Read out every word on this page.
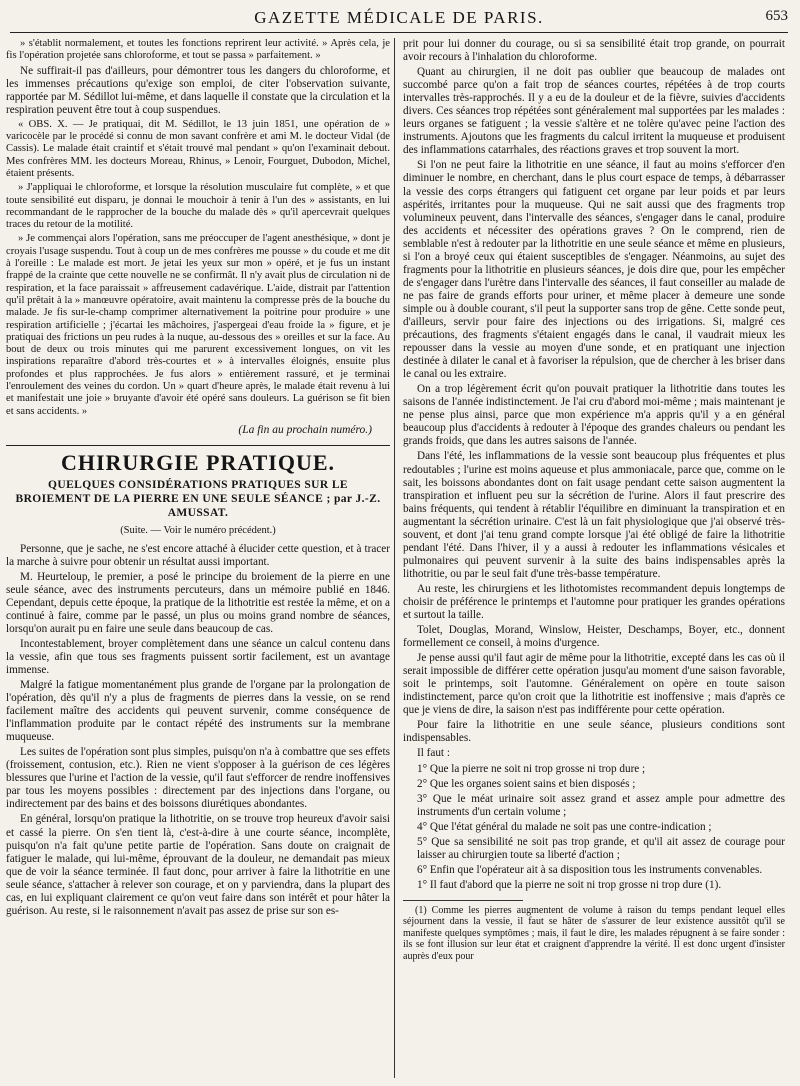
GAZETTE MÉDICALE DE PARIS.	653

» s'établit normalement, et toutes les fonctions reprirent leur activité. » Après cela, je fis l'opération projetée sans chloroforme, et tout se passa » parfaitement. »

Ne suffirait-il pas d'ailleurs, pour démontrer tous les dangers du chloroforme, et les immenses précautions qu'exige son emploi, de citer l'observation suivante, rapportée par M. Sédillot lui-même, et dans laquelle il constate que la circulation et la respiration peuvent être tout à coup suspendues.

« OBS. X. — Je pratiquai, dit M. Sédillot, le 13 juin 1851, une opération de » varicocèle par le procédé si connu de mon savant confrère et ami M. le docteur Vidal (de Cassis). Le malade était craintif et s'était trouvé mal pendant » qu'on l'examinait debout. Mes confrères MM. les docteurs Moreau, Rhinus, » Lenoir, Fourguet, Dubodon, Michel, étaient présents.

» J'appliquai le chloroforme, et lorsque la résolution musculaire fut complète, » et que toute sensibilité eut disparu, je donnai le mouchoir à tenir à l'un des » assistants, en lui recommandant de le rapprocher de la bouche du malade dès » qu'il apercevrait quelques traces du retour de la motilité.

» Je commençai alors l'opération, sans me préoccuper de l'agent anesthésique, » dont je croyais l'usage suspendu. Tout à coup un de mes confrères me pousse » du coude et me dit à l'oreille : Le malade est mort. Je jetai les yeux sur mon » opéré, et je fus un instant frappé de la crainte que cette nouvelle ne se confirmât. Il n'y avait plus de circulation ni de respiration, et la face paraissait » affreusement cadavérique. L'aide, distrait par l'attention qu'il prêtait à la » manœuvre opératoire, avait maintenu la compresse près de la bouche du malade. Je fis sur-le-champ comprimer alternativement la poitrine pour produire » une respiration artificielle ; j'écartai les mâchoires, j'aspergeai d'eau froide la » figure, et je pratiquai des frictions un peu rudes à la nuque, au-dessous des » oreilles et sur la face. Au bout de deux ou trois minutes qui me parurent excessivement longues, on vit les inspirations reparaître d'abord très-courtes et » à intervalles éloignés, ensuite plus profondes et plus rapprochées. Je fus alors » entièrement rassuré, et je terminai l'enroulement des veines du cordon. Un » quart d'heure après, le malade était revenu à lui et manifestait une joie » bruyante d'avoir été opéré sans douleurs. La guérison se fit bien et sans accidents. »

(La fin au prochain numéro.)
CHIRURGIE PRATIQUE.
QUELQUES CONSIDÉRATIONS PRATIQUES SUR LE BROIEMENT DE LA PIERRE EN UNE SEULE SÉANCE ; par J.-Z. AMUSSAT.
(Suite. — Voir le numéro précédent.)

Personne, que je sache, ne s'est encore attaché à élucider cette question, et à tracer la marche à suivre pour obtenir un résultat aussi important.

M. Heurteloup, le premier, a posé le principe du broiement de la pierre en une seule séance, avec des instruments percuteurs, dans un mémoire publié en 1846. Cependant, depuis cette époque, la pratique de la lithotritie est restée la même, et on a continué à faire, comme par le passé, un plus ou moins grand nombre de séances, lorsqu'on aurait pu en faire une seule dans beaucoup de cas.

Incontestablement, broyer complètement dans une séance un calcul contenu dans la vessie, afin que tous ses fragments puissent sortir facilement, est un avantage immense.

Malgré la fatigue momentanément plus grande de l'organe par la prolongation de l'opération, dès qu'il n'y a plus de fragments de pierres dans la vessie, on se rend facilement maître des accidents qui peuvent survenir, comme conséquence de l'inflammation produite par le contact répété des instruments sur la membrane muqueuse.

Les suites de l'opération sont plus simples, puisqu'on n'a à combattre que ses effets (froissement, contusion, etc.). Rien ne vient s'opposer à la guérison de ces légères blessures que l'urine et l'action de la vessie, qu'il faut s'efforcer de rendre inoffensives par tous les moyens possibles : directement par des injections dans l'organe, ou indirectement par des bains et des boissons diurétiques abondantes.

En général, lorsqu'on pratique la lithotritie, on se trouve trop heureux d'avoir saisi et cassé la pierre. On s'en tient là, c'est-à-dire à une courte séance, incomplète, puisqu'on n'a fait qu'une petite partie de l'opération. Sans doute on craignait de fatiguer le malade, qui lui-même, éprouvant de la douleur, ne demandait pas mieux que de voir la séance terminée. Il faut donc, pour arriver à faire la lithotritie en une seule séance, s'attacher à relever son courage, et on y parviendra, dans la plupart des cas, en lui expliquant clairement ce qu'on veut faire dans son intérêt et pour hâter la guérison. Au reste, si le raisonnement n'avait pas assez de prise sur son es-

prit pour lui donner du courage, ou si sa sensibilité était trop grande, on pourrait avoir recours à l'inhalation du chloroforme.

Quant au chirurgien, il ne doit pas oublier que beaucoup de malades ont succombé parce qu'on a fait trop de séances courtes, répétées à de trop courts intervalles très-rapprochés. Il y a eu de la douleur et de la fièvre, suivies d'accidents divers. Ces séances trop répétées sont généralement mal supportées par les malades : leurs organes se fatiguent ; la vessie s'altère et ne tolère qu'avec peine l'action des instruments. Ajoutons que les fragments du calcul irritent la muqueuse et produisent des inflammations catarrhales, des réactions graves et trop souvent la mort.

Si l'on ne peut faire la lithotritie en une séance, il faut au moins s'efforcer d'en diminuer le nombre, en cherchant, dans le plus court espace de temps, à débarrasser la vessie des corps étrangers qui fatiguent cet organe par leur poids et par leurs aspérités, irritantes pour la muqueuse. Qui ne sait aussi que des fragments trop volumineux peuvent, dans l'intervalle des séances, s'engager dans le canal, produire des accidents et nécessiter des opérations graves ? On le comprend, rien de semblable n'est à redouter par la lithotritie en une seule séance et même en plusieurs, si l'on a broyé ceux qui étaient susceptibles de s'engager. Néanmoins, au sujet des fragments pour la lithotritie en plusieurs séances, je dois dire que, pour les empêcher de s'engager dans l'urètre dans l'intervalle des séances, il faut conseiller au malade de ne pas faire de grands efforts pour uriner, et même placer à demeure une sonde simple ou à double courant, s'il peut la supporter sans trop de gêne. Cette sonde peut, d'ailleurs, servir pour faire des injections ou des irrigations. Si, malgré ces précautions, des fragments s'étaient engagés dans le canal, il vaudrait mieux les repousser dans la vessie au moyen d'une sonde, et en pratiquant une injection destinée à dilater le canal et à favoriser la répulsion, que de chercher à les briser dans le canal ou les extraire.

On a trop légèrement écrit qu'on pouvait pratiquer la lithotritie dans toutes les saisons de l'année indistinctement. Je l'ai cru d'abord moi-même ; mais maintenant je ne pense plus ainsi, parce que mon expérience m'a appris qu'il y a en général beaucoup plus d'accidents à redouter à l'époque des grandes chaleurs ou pendant les grands froids, que dans les autres saisons de l'année.

Dans l'été, les inflammations de la vessie sont beaucoup plus fréquentes et plus redoutables ; l'urine est moins aqueuse et plus ammoniacale, parce que, comme on le sait, les boissons abondantes dont on fait usage pendant cette saison augmentent la transpiration et influent peu sur la sécrétion de l'urine. Alors il faut prescrire des bains fréquents, qui tendent à rétablir l'équilibre en diminuant la transpiration et en augmentant la sécrétion urinaire. C'est là un fait physiologique que j'ai observé très-souvent, et dont j'ai tenu grand compte lorsque j'ai été obligé de faire la lithotritie pendant l'été. Dans l'hiver, il y a aussi à redouter les inflammations vésicales et pulmonaires qui peuvent survenir à la suite des bains indispensables après la lithotritie, ou par le seul fait d'une très-basse température.

Au reste, les chirurgiens et les lithotomistes recommandent depuis longtemps de choisir de préférence le printemps et l'automne pour pratiquer les grandes opérations et surtout la taille.

Tolet, Douglas, Morand, Winslow, Heister, Deschamps, Boyer, etc., donnent formellement ce conseil, à moins d'urgence.

Je pense aussi qu'il faut agir de même pour la lithotritie, excepté dans les cas où il serait impossible de différer cette opération jusqu'au moment d'une saison favorable, soit le printemps, soit l'automne. Généralement on opère en toute saison indistinctement, parce qu'on croit que la lithotritie est inoffensive ; mais d'après ce que je viens de dire, la saison n'est pas indifférente pour cette opération.

Pour faire la lithotritie en une seule séance, plusieurs conditions sont indispensables.

Il faut :

1° Que la pierre ne soit ni trop grosse ni trop dure ;

2° Que les organes soient sains et bien disposés ;

3° Que le méat urinaire soit assez grand et assez ample pour admettre des instruments d'un certain volume ;

4° Que l'état général du malade ne soit pas une contre-indication ;

5° Que sa sensibilité ne soit pas trop grande, et qu'il ait assez de courage pour laisser au chirurgien toute sa liberté d'action ;

6° Enfin que l'opérateur ait à sa disposition tous les instruments convenables.

1° Il faut d'abord que la pierre ne soit ni trop grosse ni trop dure (1).

(1) Comme les pierres augmentent de volume à raison du temps pendant lequel elles séjournent dans la vessie, il faut se hâter de s'assurer de leur existence aussitôt qu'il se manifeste quelques symptômes ; mais, il faut le dire, les malades répugnent à se faire sonder : ils se font illusion sur leur état et craignent d'apprendre la vérité. Il est donc urgent d'insister auprès d'eux pour
